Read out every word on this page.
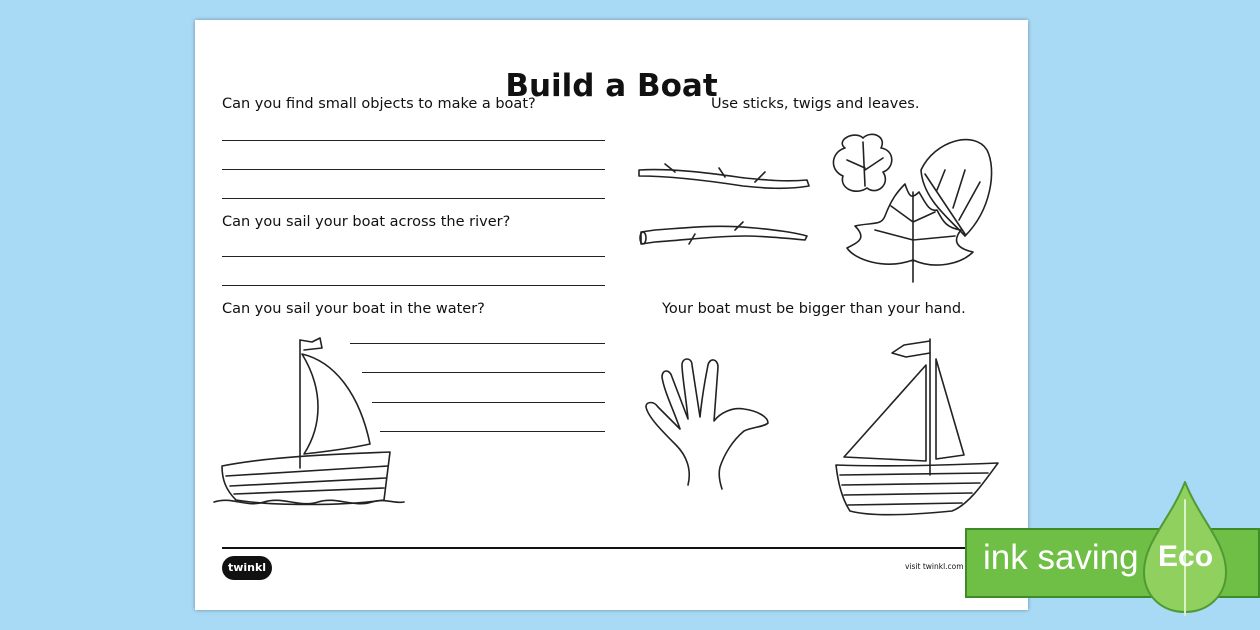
Build a Boat
Can you find small objects to make a boat?
Can you sail your boat across the river?
Can you sail your boat in the water?
Use sticks, twigs and leaves.
Your boat must be bigger than your hand.
twinkl	visit twinkl.com ink saving Eco
